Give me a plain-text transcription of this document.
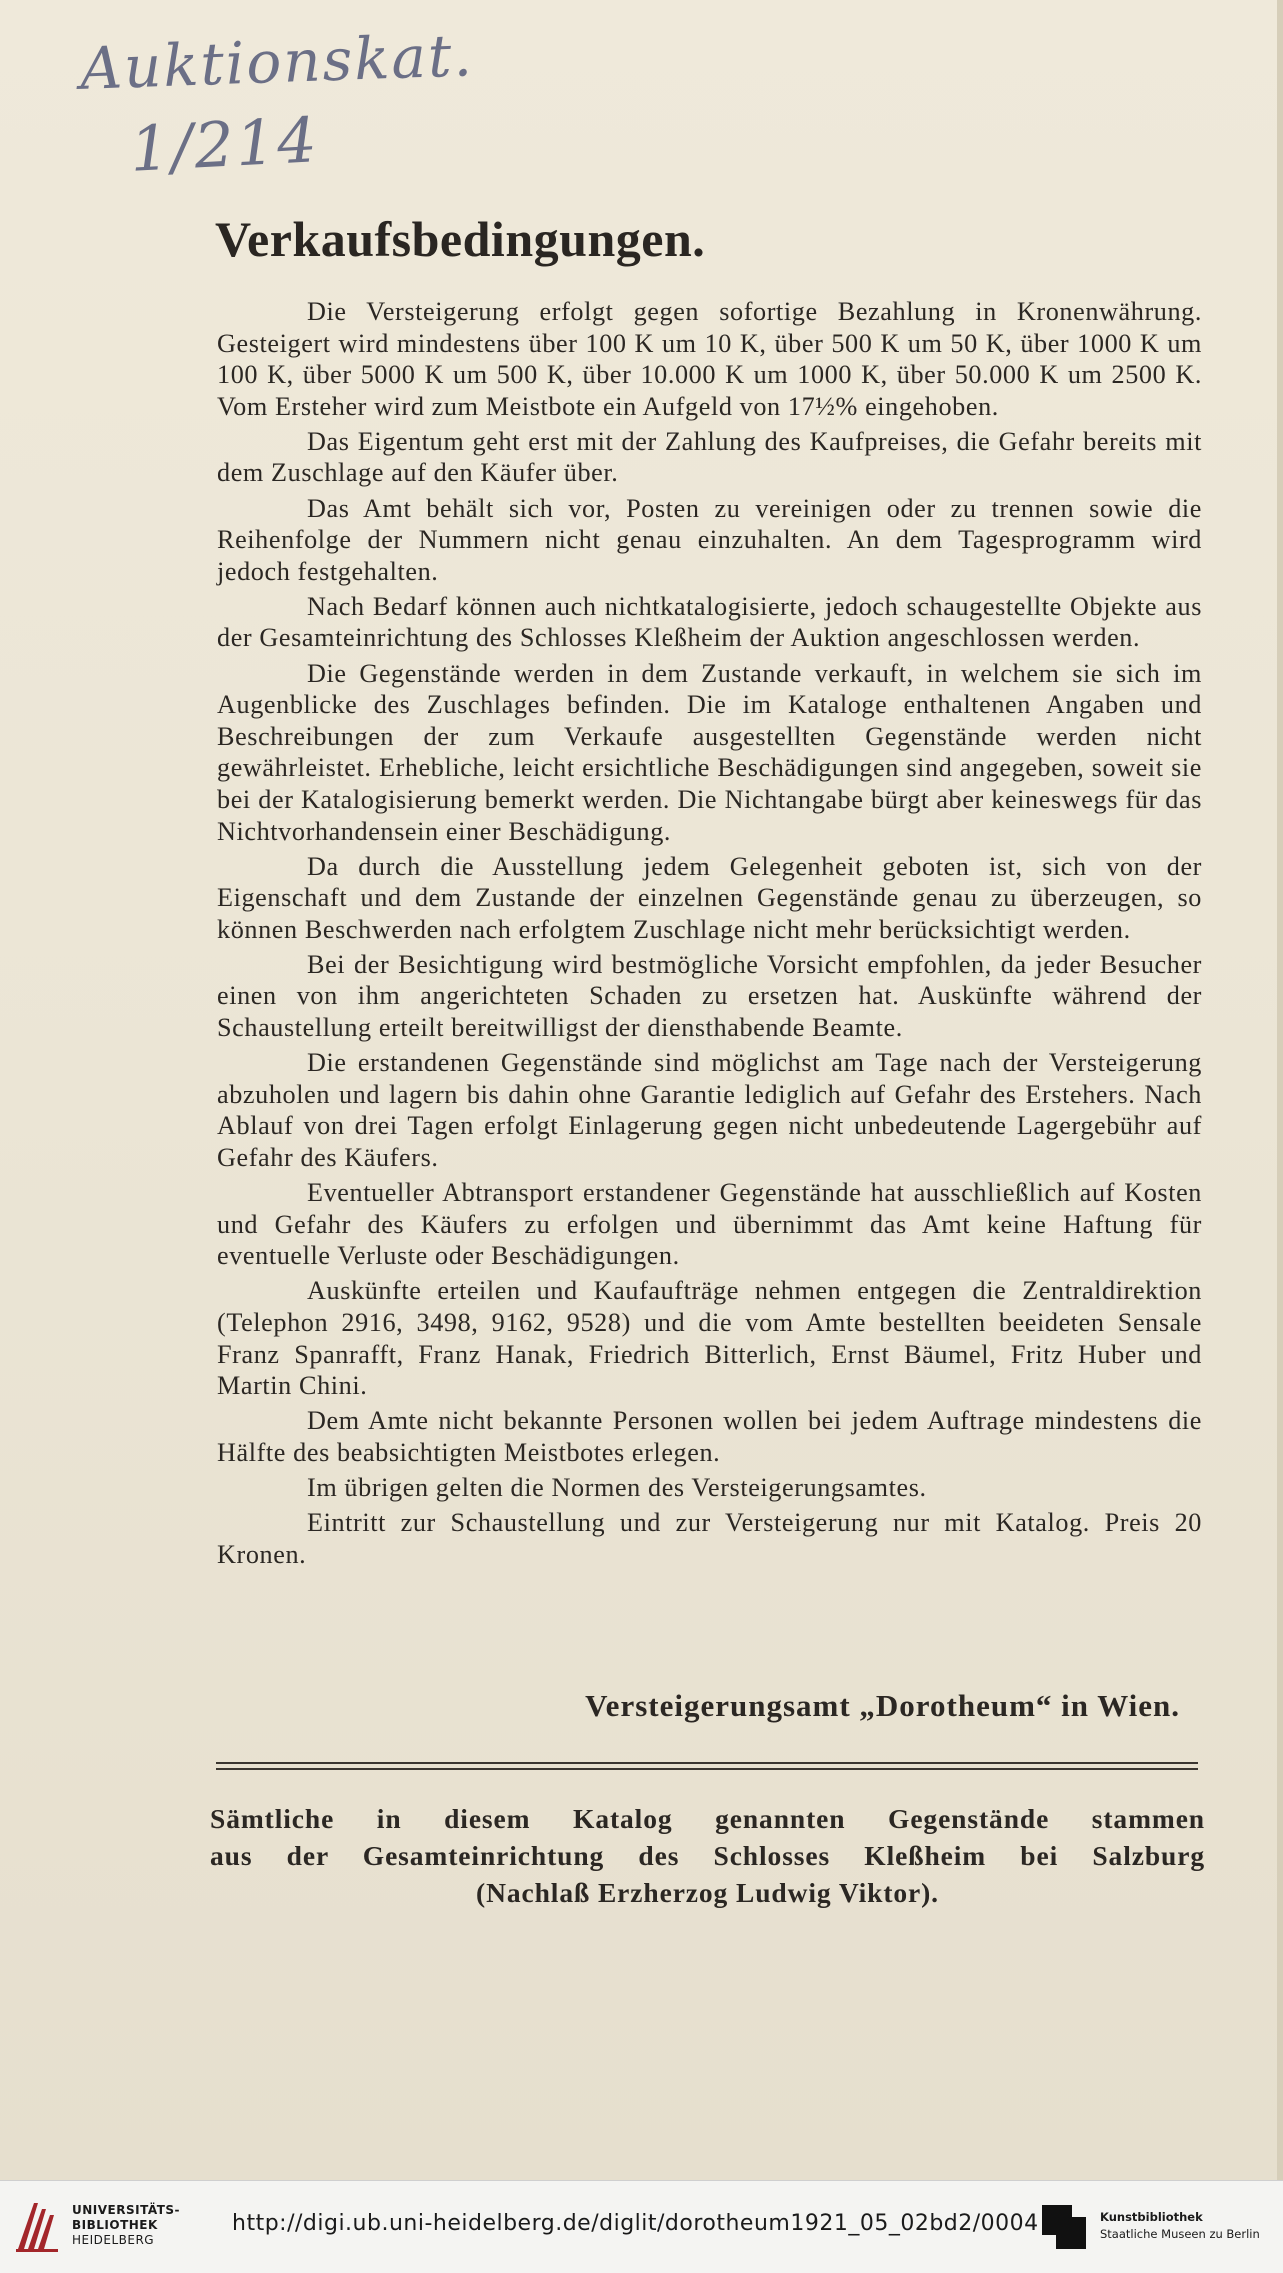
Auktionskat.
1/214
Verkaufsbedingungen.

Die Versteigerung erfolgt gegen sofortige Bezahlung in Kronenwährung. Gesteigert wird mindestens über 100 K um 10 K, über 500 K um 50 K, über 1000 K um 100 K, über 5000 K um 500 K, über 10.000 K um 1000 K, über 50.000 K um 2500 K. Vom Ersteher wird zum Meistbote ein Aufgeld von 17½% eingehoben.

Das Eigentum geht erst mit der Zahlung des Kaufpreises, die Gefahr bereits mit dem Zuschlage auf den Käufer über.

Das Amt behält sich vor, Posten zu vereinigen oder zu trennen sowie die Reihenfolge der Nummern nicht genau einzuhalten. An dem Tagesprogramm wird jedoch festgehalten.

Nach Bedarf können auch nichtkatalogisierte, jedoch schaugestellte Objekte aus der Gesamteinrichtung des Schlosses Kleßheim der Auktion angeschlossen werden.

Die Gegenstände werden in dem Zustande verkauft, in welchem sie sich im Augenblicke des Zuschlages befinden. Die im Kataloge enthaltenen Angaben und Beschreibungen der zum Verkaufe ausgestellten Gegenstände werden nicht gewährleistet. Erhebliche, leicht ersichtliche Beschädigungen sind angegeben, soweit sie bei der Katalogisierung bemerkt werden. Die Nichtangabe bürgt aber keineswegs für das Nichtvorhandensein einer Beschädigung.

Da durch die Ausstellung jedem Gelegenheit geboten ist, sich von der Eigenschaft und dem Zustande der einzelnen Gegenstände genau zu überzeugen, so können Beschwerden nach erfolgtem Zuschlage nicht mehr berücksichtigt werden.

Bei der Besichtigung wird bestmögliche Vorsicht empfohlen, da jeder Besucher einen von ihm angerichteten Schaden zu ersetzen hat. Auskünfte während der Schaustellung erteilt bereitwilligst der diensthabende Beamte.

Die erstandenen Gegenstände sind möglichst am Tage nach der Versteigerung abzuholen und lagern bis dahin ohne Garantie lediglich auf Gefahr des Erstehers. Nach Ablauf von drei Tagen erfolgt Einlagerung gegen nicht unbedeutende Lagergebühr auf Gefahr des Käufers.

Eventueller Abtransport erstandener Gegenstände hat ausschließlich auf Kosten und Gefahr des Käufers zu erfolgen und übernimmt das Amt keine Haftung für eventuelle Verluste oder Beschädigungen.

Auskünfte erteilen und Kaufaufträge nehmen entgegen die Zentraldirektion (Telephon 2916, 3498, 9162, 9528) und die vom Amte bestellten beeideten Sensale Franz Spanrafft, Franz Hanak, Friedrich Bitterlich, Ernst Bäumel, Fritz Huber und Martin Chini.

Dem Amte nicht bekannte Personen wollen bei jedem Auftrage mindestens die Hälfte des beabsichtigten Meistbotes erlegen.

Im übrigen gelten die Normen des Versteigerungsamtes.

Eintritt zur Schaustellung und zur Versteigerung nur mit Katalog. Preis 20 Kronen.

Versteigerungsamt „Dorotheum“ in Wien.
Sämtliche in diesem Katalog genannten Gegenstände stammen
aus der Gesamteinrichtung des Schlosses Kleßheim bei Salzburg
(Nachlaß Erzherzog Ludwig Viktor).
UNIVERSITÄTS-
BIBLIOTHEK
HEIDELBERG
http://digi.ub.uni-heidelberg.de/diglit/dorotheum1921_05_02bd2/0004	Kunstbibliothek
Staatliche Museen zu Berlin
